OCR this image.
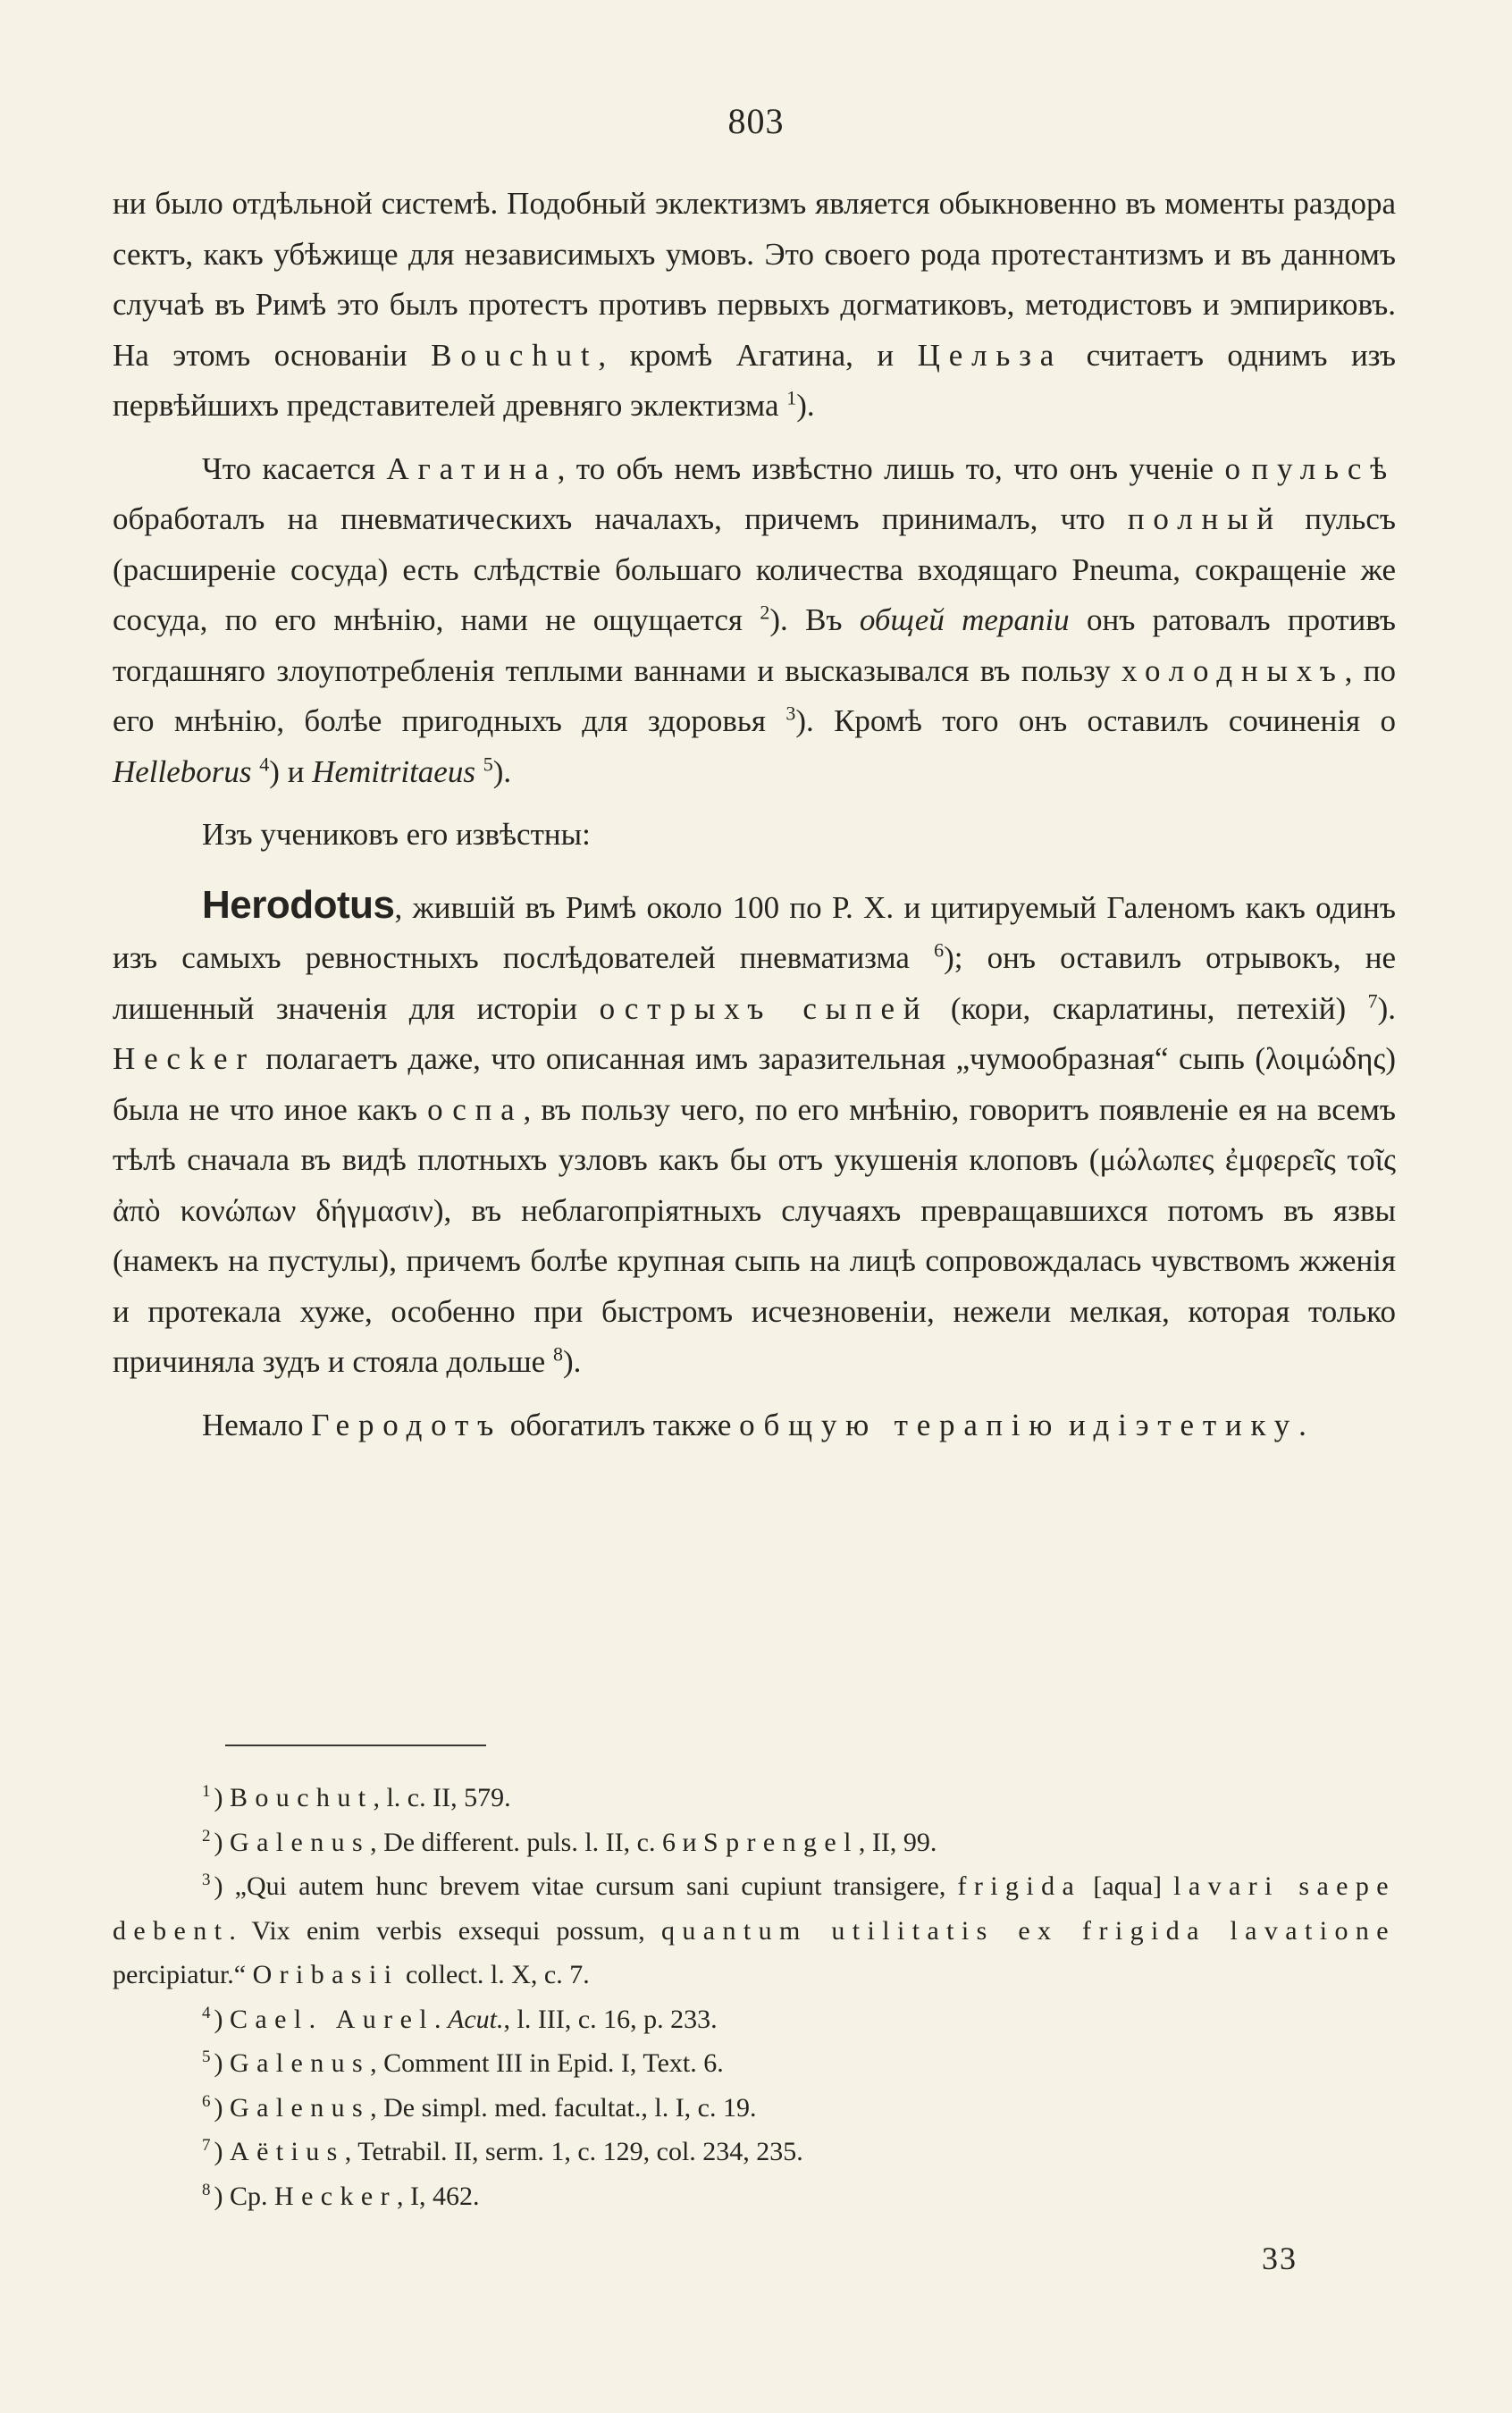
803

ни было отдѣльной системѣ. Подобный эклектизмъ является обыкновенно въ моменты раздора сектъ, какъ убѣжище для независимыхъ умовъ. Это своего рода протестантизмъ и въ данномъ случаѣ въ Римѣ это былъ протестъ противъ первыхъ догматиковъ, методистовъ и эмпириковъ. На этомъ основаніи Bouchut, кромѣ Агатина, и Цельза считаетъ однимъ изъ первѣйшихъ представителей древняго эклектизма $^1$).

Что касается Агатина, то объ немъ извѣстно лишь то, что онъ ученіе о пульсѣ обработалъ на пневматическихъ началахъ, причемъ принималъ, что полный пульсъ (расширеніе сосуда) есть слѣдствіе большаго количества входящаго Pneuma, сокращеніе же сосуда, по его мнѣнію, нами не ощущается $^2$). Въ общей терапіи онъ ратовалъ противъ тогдашняго злоупотребленія теплыми ваннами и высказывался въ пользу холодныхъ, по его мнѣнію, болѣе пригодныхъ для здоровья $^3$). Кромѣ того онъ оставилъ сочиненія о Helleborus $^4$) и Hemitritaeus $^5$).

Изъ учениковъ его извѣстны:

Herodotus, жившій въ Римѣ около 100 по Р. Х. и цитируемый Галеномъ какъ одинъ изъ самыхъ ревностныхъ послѣдователей пневматизма $^6$); онъ оставилъ отрывокъ, не лишенный значенія для исторіи острыхъ сыпей (кори, скарлатины, петехій) $^7$). Hecker полагаетъ даже, что описанная имъ заразительная „чумообразная“ сыпь (λοιμώδης) была не что иное какъ оспа, въ пользу чего, по его мнѣнію, говоритъ появленіе ея на всемъ тѣлѣ сначала въ видѣ плотныхъ узловъ какъ бы отъ укушенія клоповъ (μώλωπες ἐμφερεῖς τοῖς ἀπὸ κονώπων δήγμασιν), въ неблагопріятныхъ случаяхъ превращавшихся потомъ въ язвы (намекъ на пустулы), причемъ болѣе крупная сыпь на лицѣ сопровождалась чувствомъ жженія и протекала хуже, особенно при быстромъ исчезновеніи, нежели мелкая, которая только причиняла зудъ и стояла дольше $^8$).

Немало Геродотъ обогатилъ также общую терапію и діэтетику.

$^1$ ) Bouchut, l. c. II, 579.

$^2$ ) Galenus, De different. puls. l. II, c. 6 и Sprengel, II, 99.

$^3$ ) „Qui autem hunc brevem vitae cursum sani cupiunt transigere, frigida [aqua] lavari saepe debent. Vix enim verbis exsequi possum, quantum utilitatis ex frigida lavatione percipiatur.“ Oribasii collect. l. X, c. 7.

$^4$ ) Cael. Aurel. Acut., l. III, c. 16, p. 233.

$^5$ ) Galenus, Comment III in Epid. I, Text. 6.

$^6$ ) Galenus, De simpl. med. facultat., l. I, c. 19.

$^7$ ) Aëtius, Tetrabil. II, serm. 1, c. 129, col. 234, 235.

$^8$ ) Ср. Hecker, I, 462.

33
